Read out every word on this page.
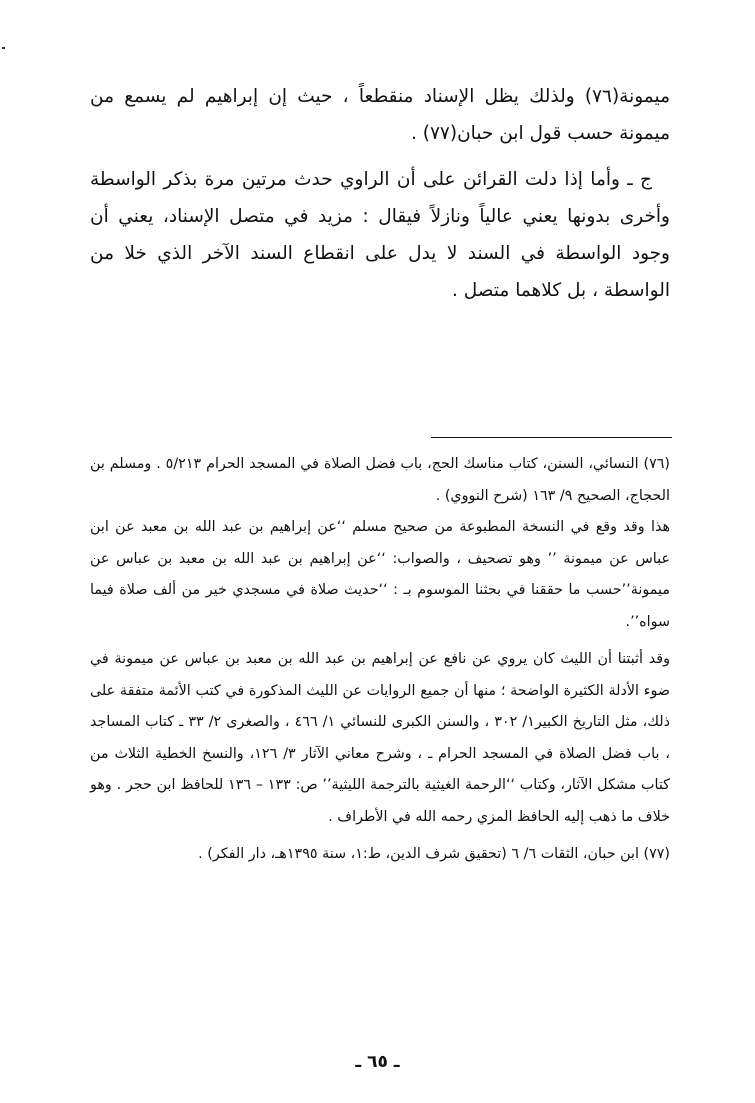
ميمونة(٧٦) ولذلك يظل الإسناد منقطعاً ، حيث إن إبراهيم لم يسمع من ميمونة حسب قول ابن حبان(٧٧) .

ج ـ وأما إذا دلت القرائن على أن الراوي حدث مرتين مرة بذكر الواسطة وأخرى بدونها يعني عالياً ونازلاً فيقال : مزيد في متصل الإسناد، يعني أن وجود الواسطة في السند لا يدل على انقطاع السند الآخر الذي خلا من الواسطة ، بل كلاهما متصل .

(٧٦) النسائي، السنن، كتاب مناسك الحج، باب فضل الصلاة في المسجد الحرام ٥/٢١٣ . ومسلم بن الحجاج، الصحيح ٩/ ١٦٣ (شرح النووي) .

هذا وقد وقع في النسخة المطبوعة من صحيح مسلم ‘‘عن إبراهيم بن عبد الله بن معبد عن ابن عباس عن ميمونة ’’ وهو تصحيف ، والصواب: ‘‘عن إبراهيم بن عبد الله بن معبد بن عباس عن ميمونة’’حسب ما حققنا في بحثنا الموسوم بـ : ‘‘حديث صلاة في مسجدي خير من ألف صلاة فيما سواه’’.

وقد أثبتنا أن الليث كان يروي عن نافع عن إبراهيم بن عبد الله بن معبد بن عباس عن ميمونة في ضوء الأدلة الكثيرة الواضحة ؛ منها أن جميع الروايات عن الليث المذكورة في كتب الأئمة متفقة على ذلك، مثل التاريخ الكبير١/ ٣٠٢ ، والسنن الكبرى للنسائي ١/ ٤٦٦ ، والصغرى ٢/ ٣٣ ـ كتاب المساجد ، باب فضل الصلاة في المسجد الحرام ـ ، وشرح معاني الآثار ٣/ ١٢٦، والنسخ الخطية الثلاث من كتاب مشكل الآثار، وكتاب ‘‘الرحمة الغيثية بالترجمة الليثية’’ ص: ١٣٣ – ١٣٦ للحافظ ابن حجر . وهو خلاف ما ذهب إليه الحافظ المزي رحمه الله في الأطراف .

(٧٧) ابن حبان، الثقات ٦/ ٦ (تحقيق شرف الدين، ط:١، سنة ١٣٩٥هـ، دار الفكر) .

ـ ٦٥ ـ
